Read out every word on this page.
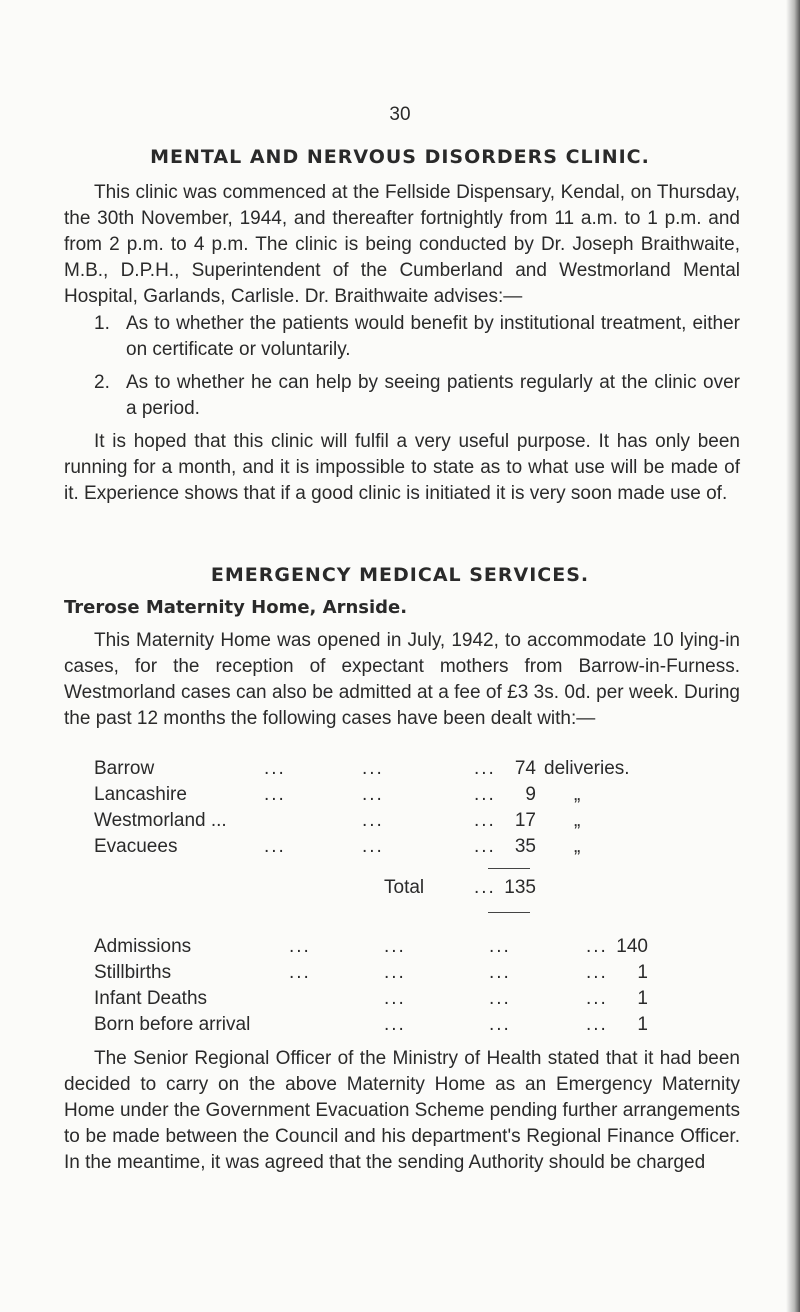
30
MENTAL AND NERVOUS DISORDERS CLINIC.

This clinic was commenced at the Fellside Dispensary, Kendal, on Thursday, the 30th November, 1944, and thereafter fortnightly from 11 a.m. to 1 p.m. and from 2 p.m. to 4 p.m. The clinic is being conducted by Dr. Joseph Braithwaite, M.B., D.P.H., Superintendent of the Cumberland and Westmorland Mental Hospital, Garlands, Carlisle. Dr. Braithwaite advises:—

1. As to whether the patients would benefit by institutional treatment, either on certificate or voluntarily.
2. As to whether he can help by seeing patients regularly at the clinic over a period.

It is hoped that this clinic will fulfil a very useful purpose. It has only been running for a month, and it is impossible to state as to what use will be made of it. Experience shows that if a good clinic is initiated it is very soon made use of.

EMERGENCY MEDICAL SERVICES.
Trerose Maternity Home, Arnside.

This Maternity Home was opened in July, 1942, to accommodate 10 lying-in cases, for the reception of expectant mothers from Barrow-in-Furness. Westmorland cases can also be admitted at a fee of £3 3s. 0d. per week. During the past 12 months the following cases have been dealt with:—

Barrow	...	...	...	74 deliveries.
Lancashire	...	...	...	9 „
Westmorland ...	...	...	17 „
Evacuees	...	...	...	35 „
Total	... 135
Admissions	...	...	...	... 140
Stillbirths	...	...	...	...	1
Infant Deaths	...	...	...	1
Born before arrival	...	...	...	1

The Senior Regional Officer of the Ministry of Health stated that it had been decided to carry on the above Maternity Home as an Emergency Maternity Home under the Government Evacuation Scheme pending further arrangements to be made between the Council and his department's Regional Finance Officer. In the meantime, it was agreed that the sending Authority should be charged
